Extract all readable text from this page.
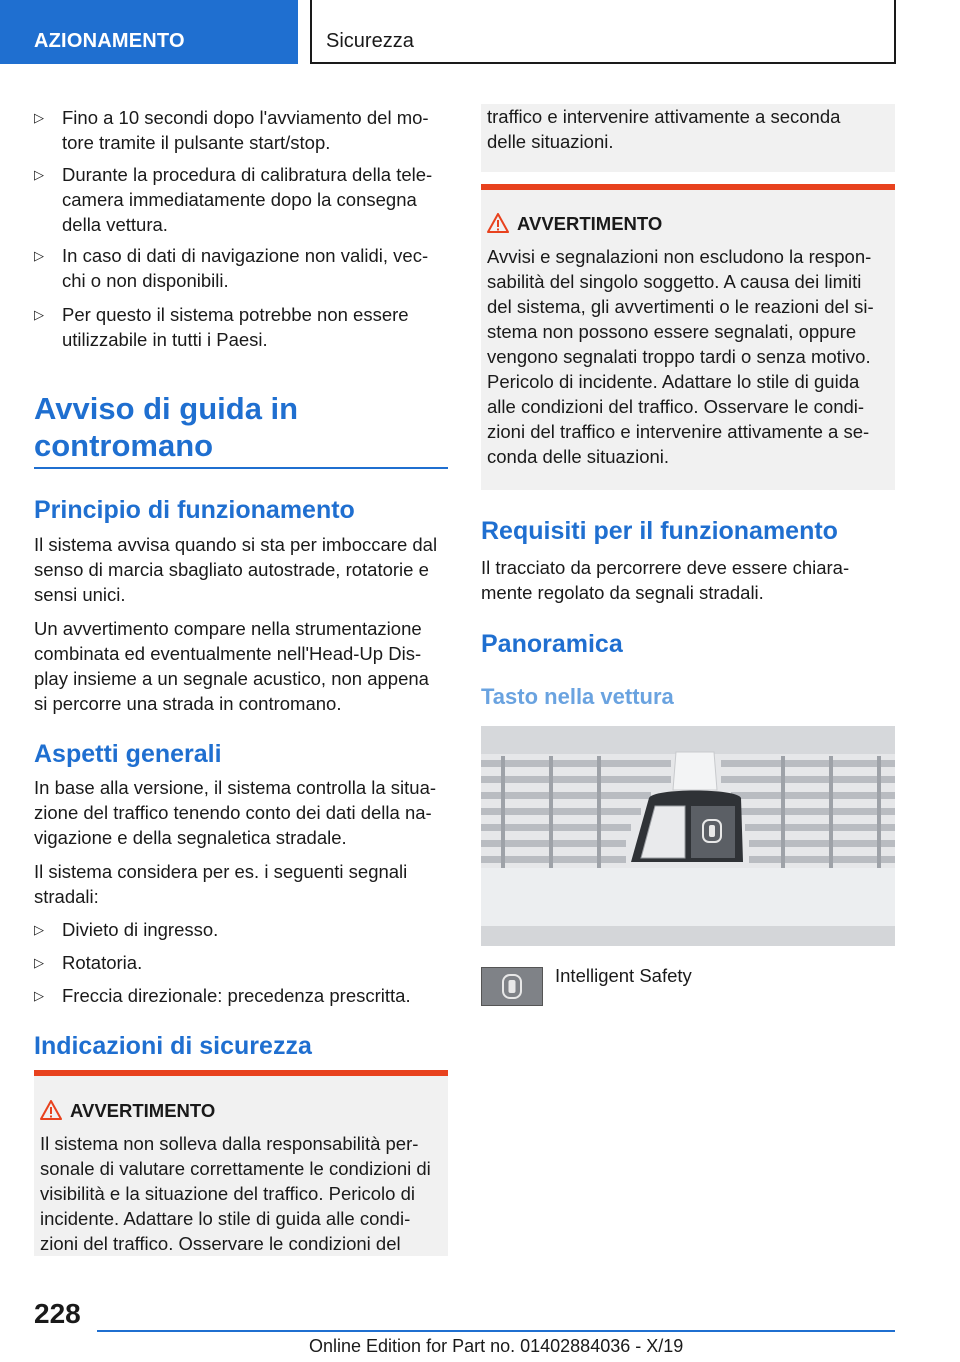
AZIONAMENTO	Sicurezza
▷ Fino a 10 secondi dopo l'avviamento del mo-
tore tramite il pulsante start/stop.
▷ Durante la procedura di calibratura della tele-
camera immediatamente dopo la consegna
della vettura.
▷ In caso di dati di navigazione non validi, vec-
chi o non disponibili.
▷ Per questo il sistema potrebbe non essere
utilizzabile in tutti i Paesi.
Avviso di guida in
contromano
Principio di funzionamento
Il sistema avvisa quando si sta per imboccare dal
senso di marcia sbagliato autostrade, rotatorie e
sensi unici.
Un avvertimento compare nella strumentazione
combinata ed eventualmente nell'Head-Up Dis-
play insieme a un segnale acustico, non appena
si percorre una strada in contromano.
Aspetti generali
In base alla versione, il sistema controlla la situa-
zione del traffico tenendo conto dei dati della na-
vigazione e della segnaletica stradale.
Il sistema considera per es. i seguenti segnali
stradali:
▷ Divieto di ingresso.
▷ Rotatoria.
▷ Freccia direzionale: precedenza prescritta.
Indicazioni di sicurezza
AVVERTIMENTO
Il sistema non solleva dalla responsabilità per-
sonale di valutare correttamente le condizioni di
visibilità e la situazione del traffico. Pericolo di
incidente. Adattare lo stile di guida alle condi-
zioni del traffico. Osservare le condizioni del
traffico e intervenire attivamente a seconda
delle situazioni.
AVVERTIMENTO
Avvisi e segnalazioni non escludono la respon-
sabilità del singolo soggetto. A causa dei limiti
del sistema, gli avvertimenti o le reazioni del si-
stema non possono essere segnalati, oppure
vengono segnalati troppo tardi o senza motivo.
Pericolo di incidente. Adattare lo stile di guida
alle condizioni del traffico. Osservare le condi-
zioni del traffico e intervenire attivamente a se-
conda delle situazioni.
Requisiti per il funzionamento
Il tracciato da percorrere deve essere chiara-
mente regolato da segnali stradali.
Panoramica
Tasto nella vettura
Intelligent Safety
228
Online Edition for Part no. 01402884036 - X/19
